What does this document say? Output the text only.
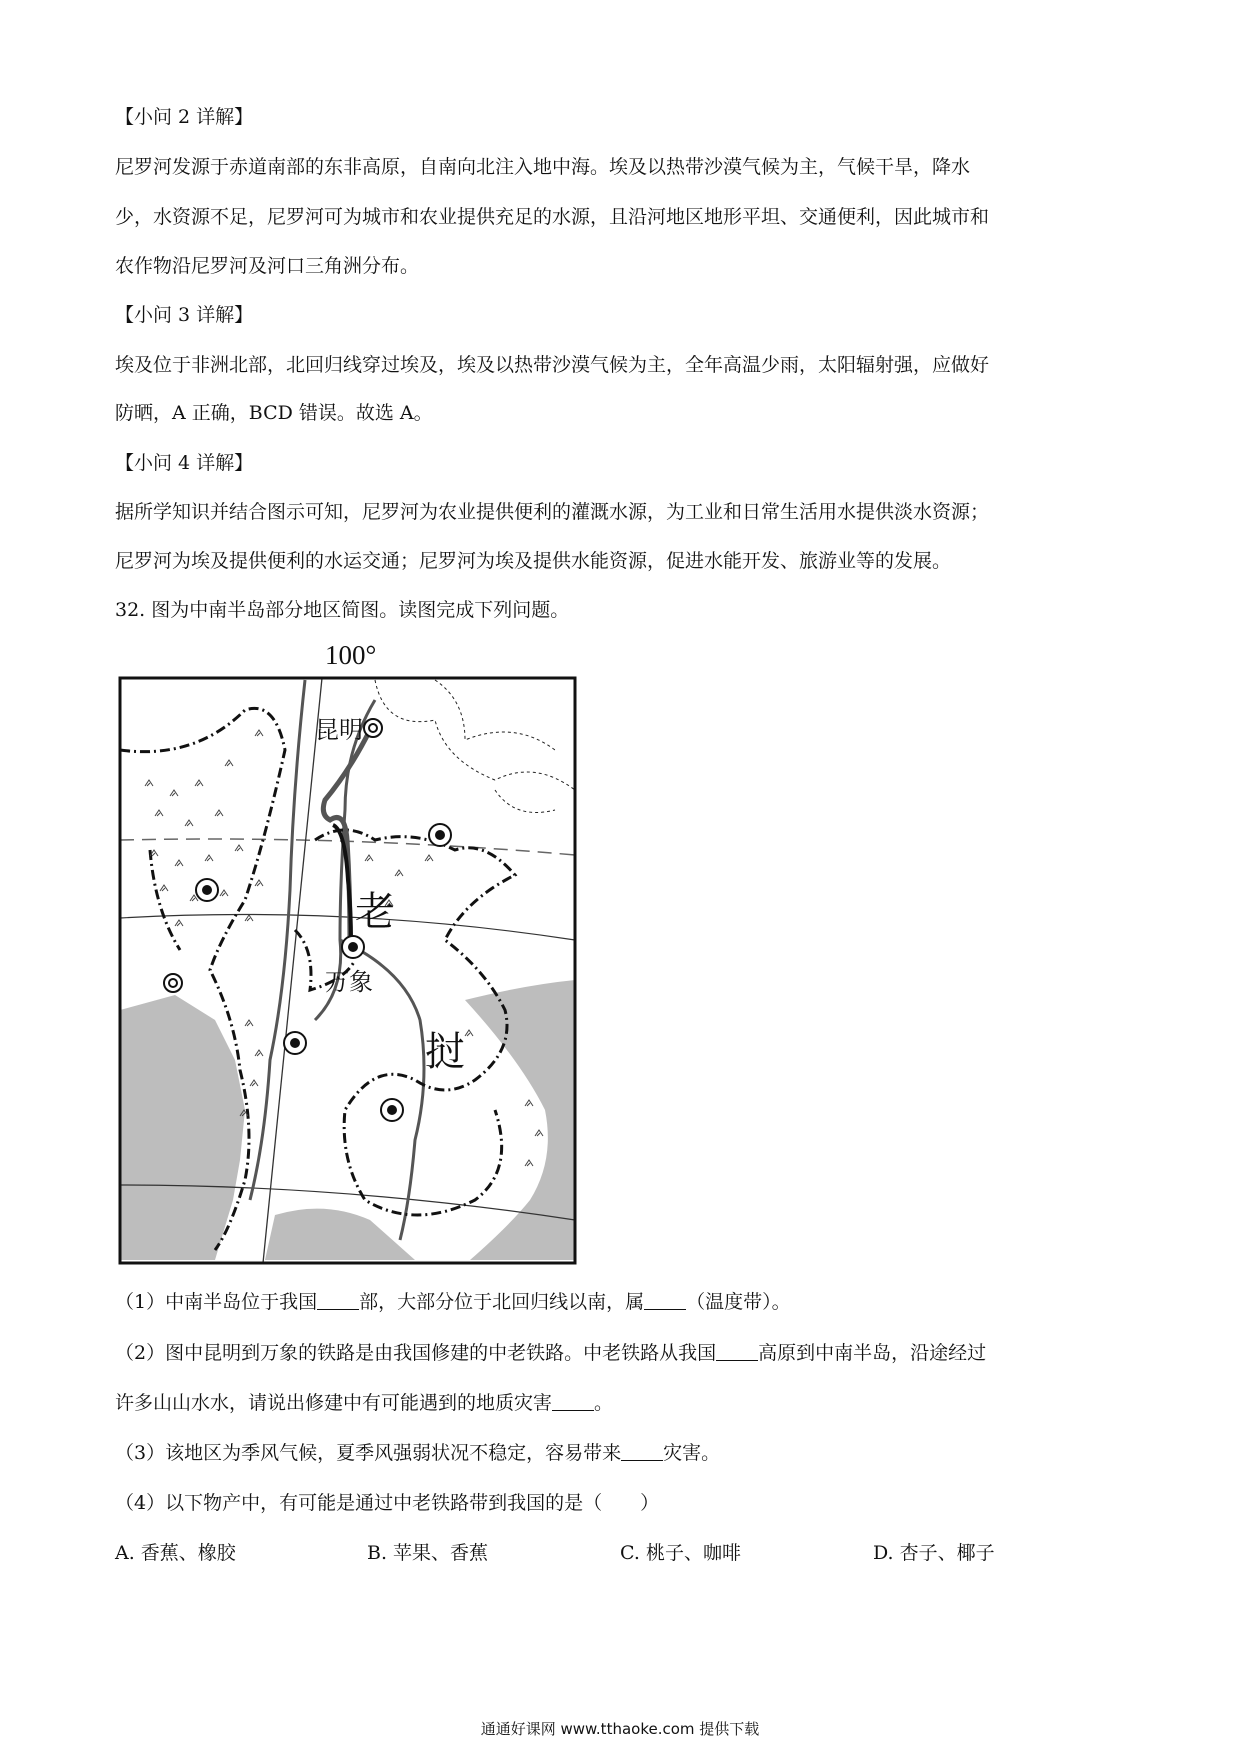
【小问 2 详解】
尼罗河发源于赤道南部的东非高原，自南向北注入地中海。埃及以热带沙漠气候为主，气候干旱，降水
少，水资源不足，尼罗河可为城市和农业提供充足的水源，且沿河地区地形平坦、交通便利，因此城市和
农作物沿尼罗河及河口三角洲分布。
【小问 3 详解】
埃及位于非洲北部，北回归线穿过埃及，埃及以热带沙漠气候为主，全年高温少雨，太阳辐射强，应做好
防晒，A 正确，BCD 错误。故选 A。
【小问 4 详解】
据所学知识并结合图示可知，尼罗河为农业提供便利的灌溉水源，为工业和日常生活用水提供淡水资源；
尼罗河为埃及提供便利的水运交通；尼罗河为埃及提供水能资源，促进水能开发、旅游业等的发展。
32. 图为中南半岛部分地区简图。读图完成下列问题。
100°
昆明
老
万象
挝
（1）中南半岛位于我国 部，大部分位于北回归线以南，属 （温度带）。
（2）图中昆明到万象的铁路是由我国修建的中老铁路。中老铁路从我国 高原到中南半岛，沿途经过
许多山山水水，请说出修建中有可能遇到的地质灾害 。
（3）该地区为季风气候，夏季风强弱状况不稳定，容易带来 灾害。
（4）以下物产中，有可能是通过中老铁路带到我国的是（　　）
A. 香蕉、橡胶	B. 苹果、香蕉	C. 桃子、咖啡	D. 杏子、椰子
通通好课网 www.tthaoke.com 提供下载
